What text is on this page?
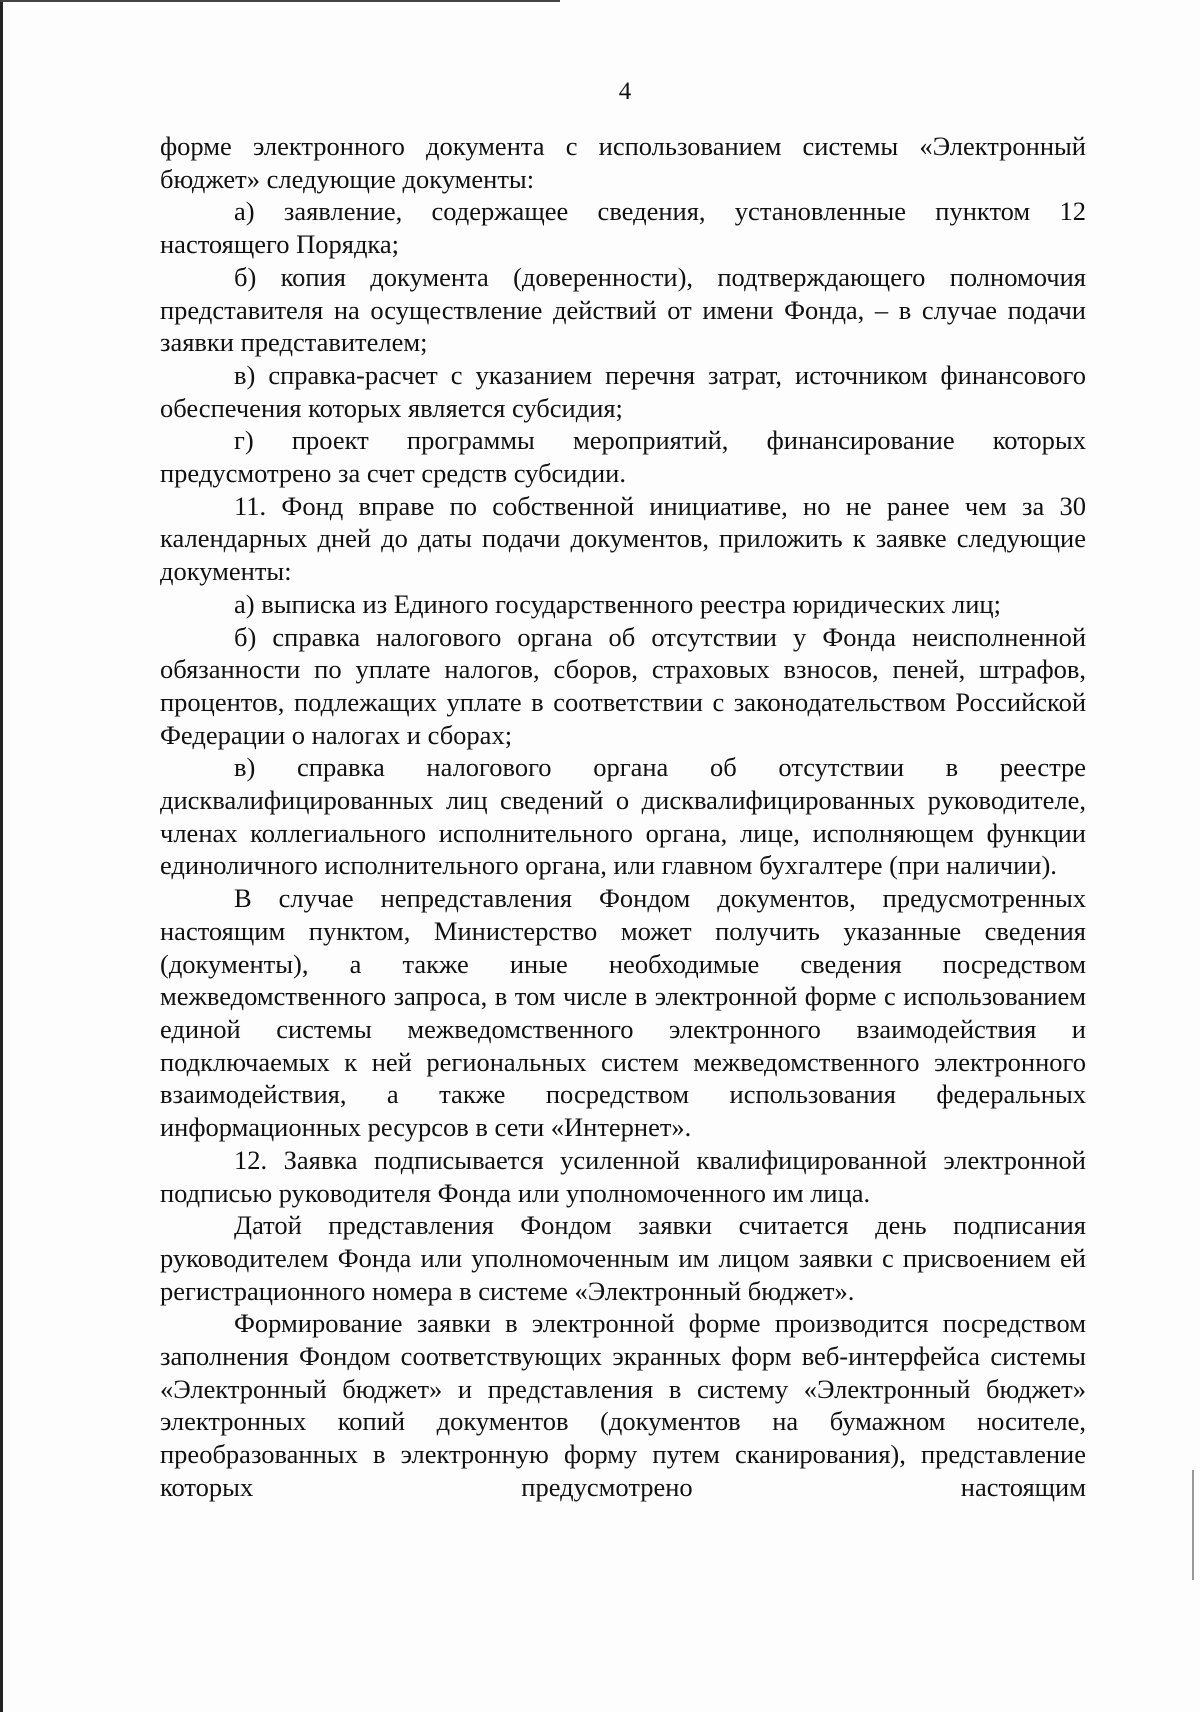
4

форме электронного документа с использованием системы «Электронный бюджет» следующие документы:

а) заявление, содержащее сведения, установленные пунктом 12 настоящего Порядка;

б) копия документа (доверенности), подтверждающего полномочия представителя на осуществление действий от имени Фонда, – в случае подачи заявки представителем;

в) справка-расчет с указанием перечня затрат, источником финансового обеспечения которых является субсидия;

г) проект программы мероприятий, финансирование которых предусмотрено за счет средств субсидии.

11. Фонд вправе по собственной инициативе, но не ранее чем за 30 календарных дней до даты подачи документов, приложить к заявке следующие документы:

а) выписка из Единого государственного реестра юридических лиц;

б) справка налогового органа об отсутствии у Фонда неисполненной обязанности по уплате налогов, сборов, страховых взносов, пеней, штрафов, процентов, подлежащих уплате в соответствии с законодательством Российской Федерации о налогах и сборах;

в) справка налогового органа об отсутствии в реестре дисквалифицированных лиц сведений о дисквалифицированных руководителе, членах коллегиального исполнительного органа, лице, исполняющем функции единоличного исполнительного органа, или главном бухгалтере (при наличии).

В случае непредставления Фондом документов, предусмотренных настоящим пунктом, Министерство может получить указанные сведения (документы), а также иные необходимые сведения посредством межведомственного запроса, в том числе в электронной форме с использованием единой системы межведомственного электронного взаимодействия и подключаемых к ней региональных систем межведомственного электронного взаимодействия, а также посредством использования федеральных информационных ресурсов в сети «Интернет».

12. Заявка подписывается усиленной квалифицированной электронной подписью руководителя Фонда или уполномоченного им лица.

Датой представления Фондом заявки считается день подписания руководителем Фонда или уполномоченным им лицом заявки с присвоением ей регистрационного номера в системе «Электронный бюджет».

Формирование заявки в электронной форме производится посредством заполнения Фондом соответствующих экранных форм веб-интерфейса системы «Электронный бюджет» и представления в систему «Электронный бюджет» электронных копий документов (документов на бумажном носителе, преобразованных в электронную форму путем сканирования), представление которых предусмотрено настоящим
